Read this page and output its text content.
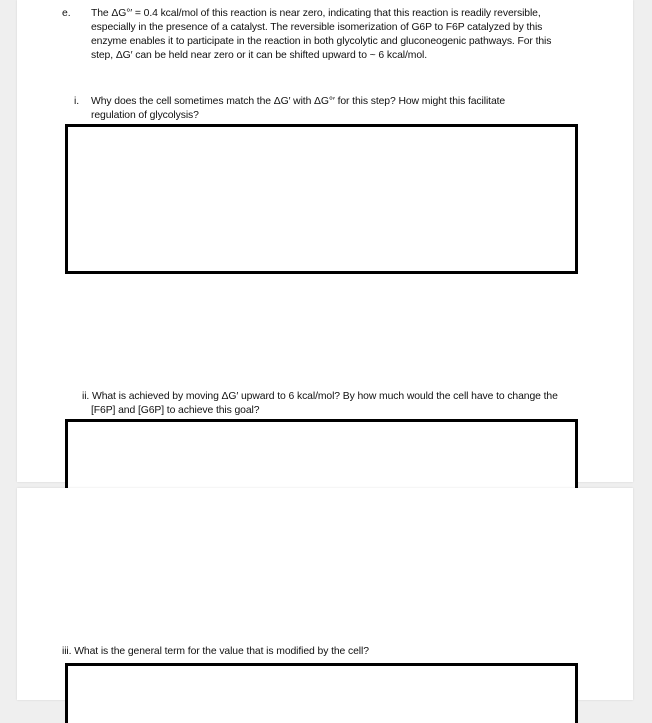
e. The ΔG°′ = 0.4 kcal/mol of this reaction is near zero, indicating that this reaction is readily reversible,
especially in the presence of a catalyst. The reversible isomerization of G6P to F6P catalyzed by this
enzyme enables it to participate in the reaction in both glycolytic and gluconeogenic pathways. For this
step, ΔG′ can be held near zero or it can be shifted upward to ~ 6 kcal/mol.
i. Why does the cell sometimes match the ΔG′ with ΔG°′ for this step? How might this facilitate
regulation of glycolysis?
ii. What is achieved by moving ΔG′ upward to 6 kcal/mol? By how much would the cell have to change the
[F6P] and [G6P] to achieve this goal?
iii. What is the general term for the value that is modified by the cell?
